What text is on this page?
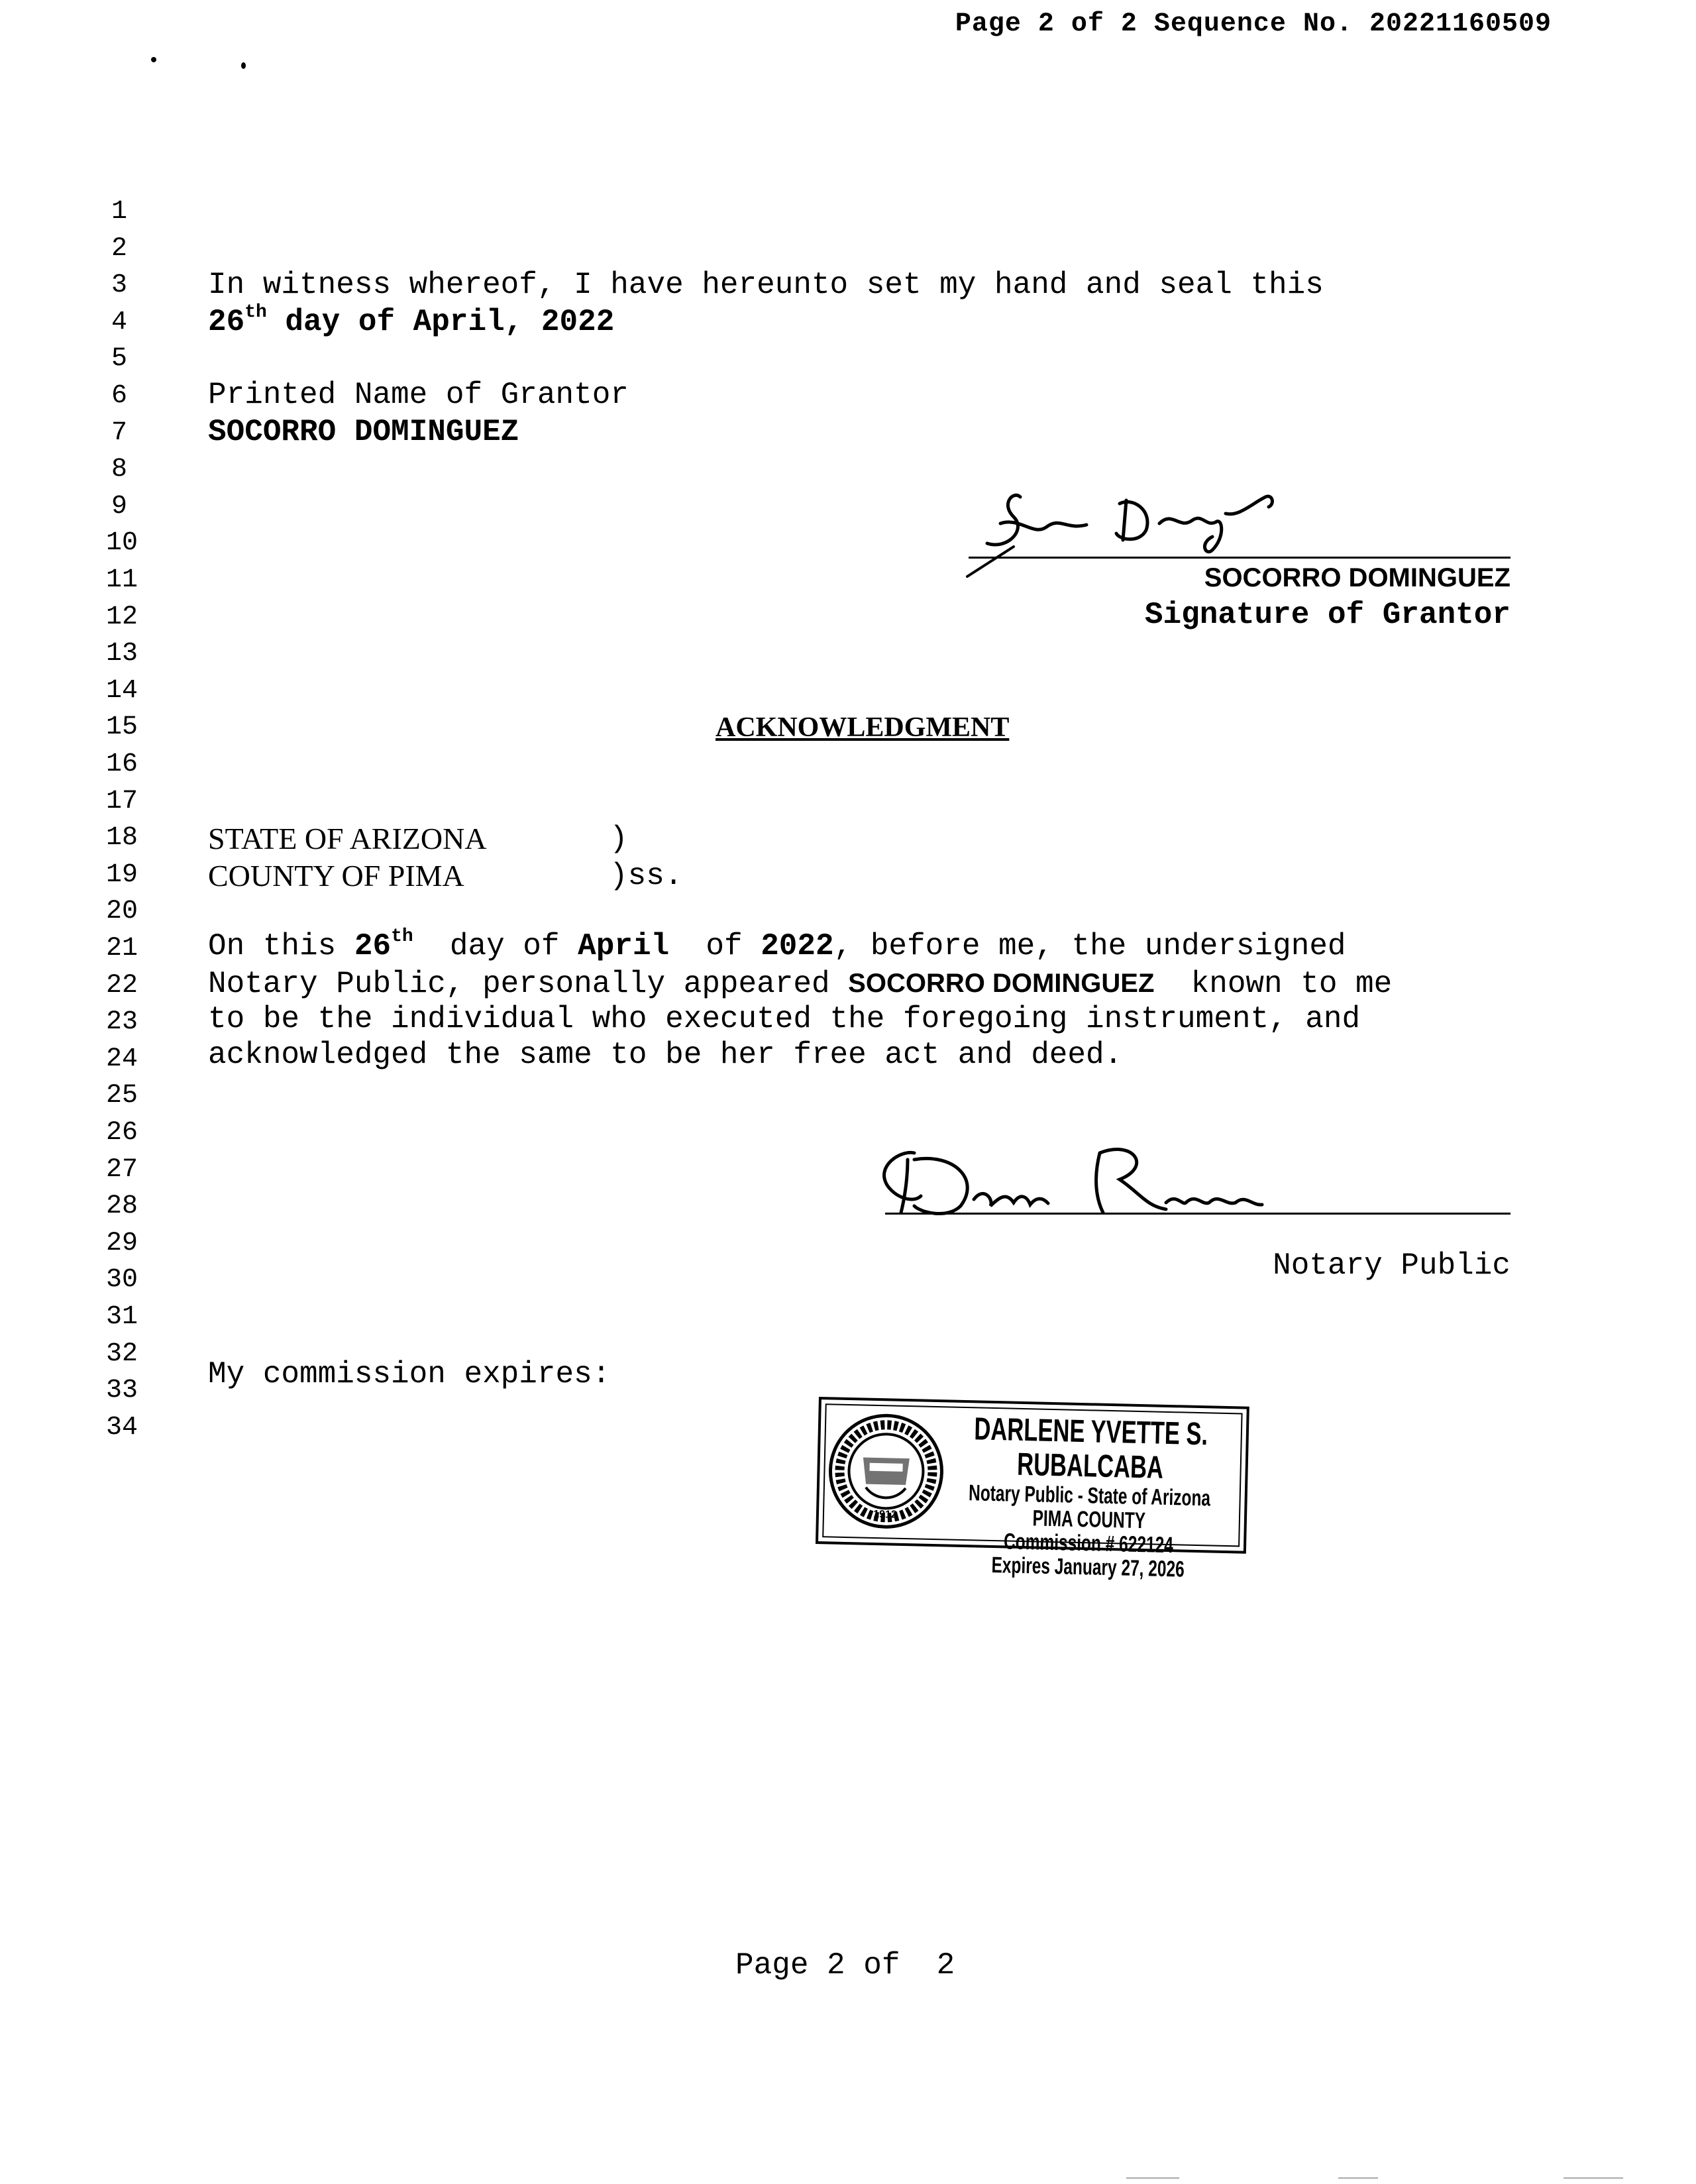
Page 2 of 2 Sequence No. 20221160509
1
2
3
4
5
6
7
8
9
10
11
12
13
14
15
16
17
18
19
20
21
22
23
24
25
26
27
28
29
30
31
32
33
34
In witness whereof, I have hereunto set my hand and seal this
26th day of April, 2022
Printed Name of Grantor
SOCORRO DOMINGUEZ
SOCORRO DOMINGUEZ
Signature of Grantor
ACKNOWLEDGMENT
STATE OF ARIZONA	)
COUNTY OF PIMA	)ss.
On this 26th  day of April  of 2022, before me, the undersigned
Notary Public, personally appeared SOCORRO DOMINGUEZ  known to me
to be the individual who executed the foregoing instrument, and
acknowledged the same to be her free act and deed.
Notary Public
My commission expires:
1912
DARLENE YVETTE S. RUBALCABA
Notary Public - State of Arizona
PIMA COUNTY
Commission # 622124
Expires January 27, 2026
Page 2 of  2
